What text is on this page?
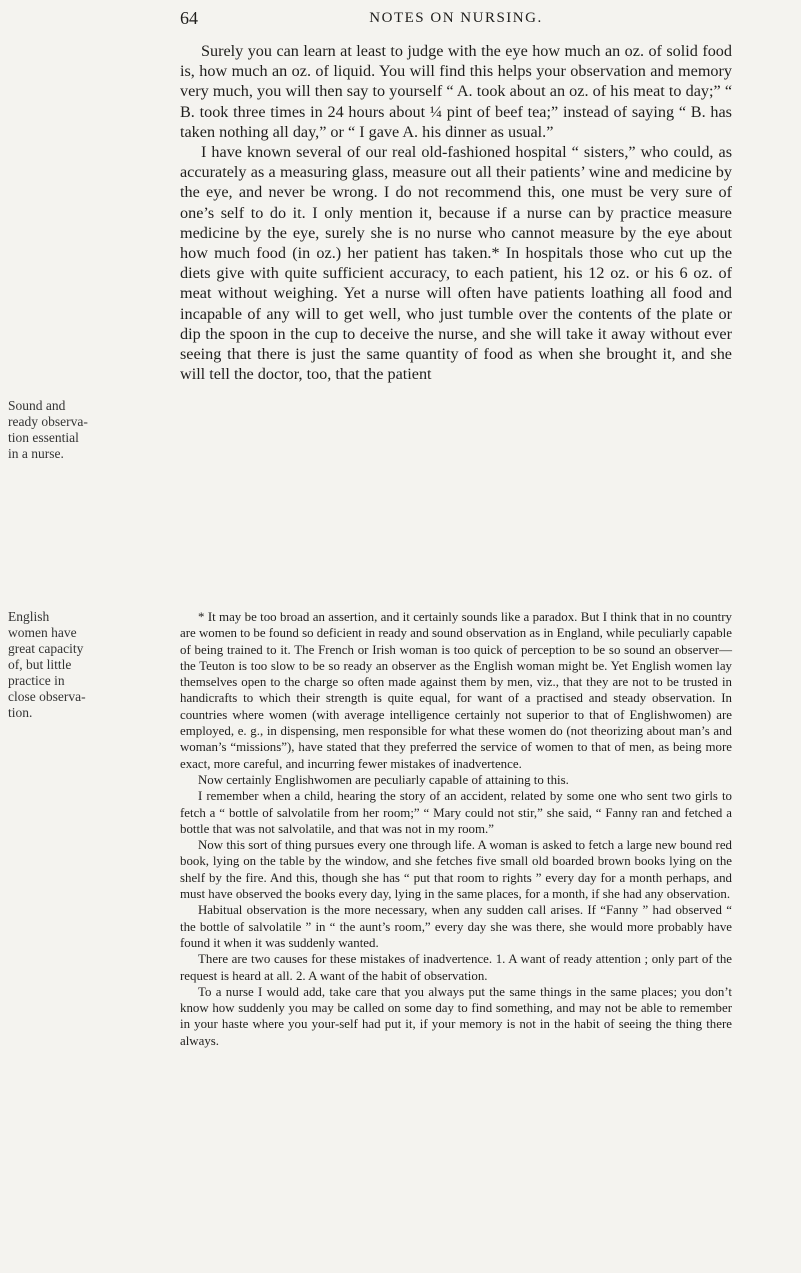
64	NOTES ON NURSING.
Sound and ready observa-tion essential in a nurse.
English women have great capacity of, but little practice in close observa-tion.

Surely you can learn at least to judge with the eye how much an oz. of solid food is, how much an oz. of liquid. You will find this helps your observation and memory very much, you will then say to yourself “ A. took about an oz. of his meat to day;” “ B. took three times in 24 hours about ¼ pint of beef tea;” instead of saying “ B. has taken nothing all day,” or “ I gave A. his dinner as usual.”

I have known several of our real old-fashioned hospital “ sisters,” who could, as accurately as a measuring glass, measure out all their patients’ wine and medicine by the eye, and never be wrong. I do not recommend this, one must be very sure of one’s self to do it. I only mention it, because if a nurse can by practice measure medicine by the eye, surely she is no nurse who cannot measure by the eye about how much food (in oz.) her patient has taken.* In hospitals those who cut up the diets give with quite sufficient accuracy, to each patient, his 12 oz. or his 6 oz. of meat without weighing. Yet a nurse will often have patients loathing all food and incapable of any will to get well, who just tumble over the contents of the plate or dip the spoon in the cup to deceive the nurse, and she will take it away without ever seeing that there is just the same quantity of food as when she brought it, and she will tell the doctor, too, that the patient

* It may be too broad an assertion, and it certainly sounds like a paradox. But I think that in no country are women to be found so deficient in ready and sound observation as in England, while peculiarly capable of being trained to it. The French or Irish woman is too quick of perception to be so sound an observer— the Teuton is too slow to be so ready an observer as the English woman might be. Yet English women lay themselves open to the charge so often made against them by men, viz., that they are not to be trusted in handicrafts to which their strength is quite equal, for want of a practised and steady observation. In countries where women (with average intelligence certainly not superior to that of Englishwomen) are employed, e. g., in dispensing, men responsible for what these women do (not theorizing about man’s and woman’s “missions”), have stated that they preferred the service of women to that of men, as being more exact, more careful, and incurring fewer mistakes of inadvertence.

Now certainly Englishwomen are peculiarly capable of attaining to this.

I remember when a child, hearing the story of an accident, related by some one who sent two girls to fetch a “ bottle of salvolatile from her room;” “ Mary could not stir,” she said, “ Fanny ran and fetched a bottle that was not salvolatile, and that was not in my room.”

Now this sort of thing pursues every one through life. A woman is asked to fetch a large new bound red book, lying on the table by the window, and she fetches five small old boarded brown books lying on the shelf by the fire. And this, though she has “ put that room to rights ” every day for a month perhaps, and must have observed the books every day, lying in the same places, for a month, if she had any observation.

Habitual observation is the more necessary, when any sudden call arises. If “Fanny ” had observed “ the bottle of salvolatile ” in “ the aunt’s room,” every day she was there, she would more probably have found it when it was suddenly wanted.

There are two causes for these mistakes of inadvertence. 1. A want of ready attention ; only part of the request is heard at all. 2. A want of the habit of observation.

To a nurse I would add, take care that you always put the same things in the same places; you don’t know how suddenly you may be called on some day to find something, and may not be able to remember in your haste where you your-self had put it, if your memory is not in the habit of seeing the thing there always.
